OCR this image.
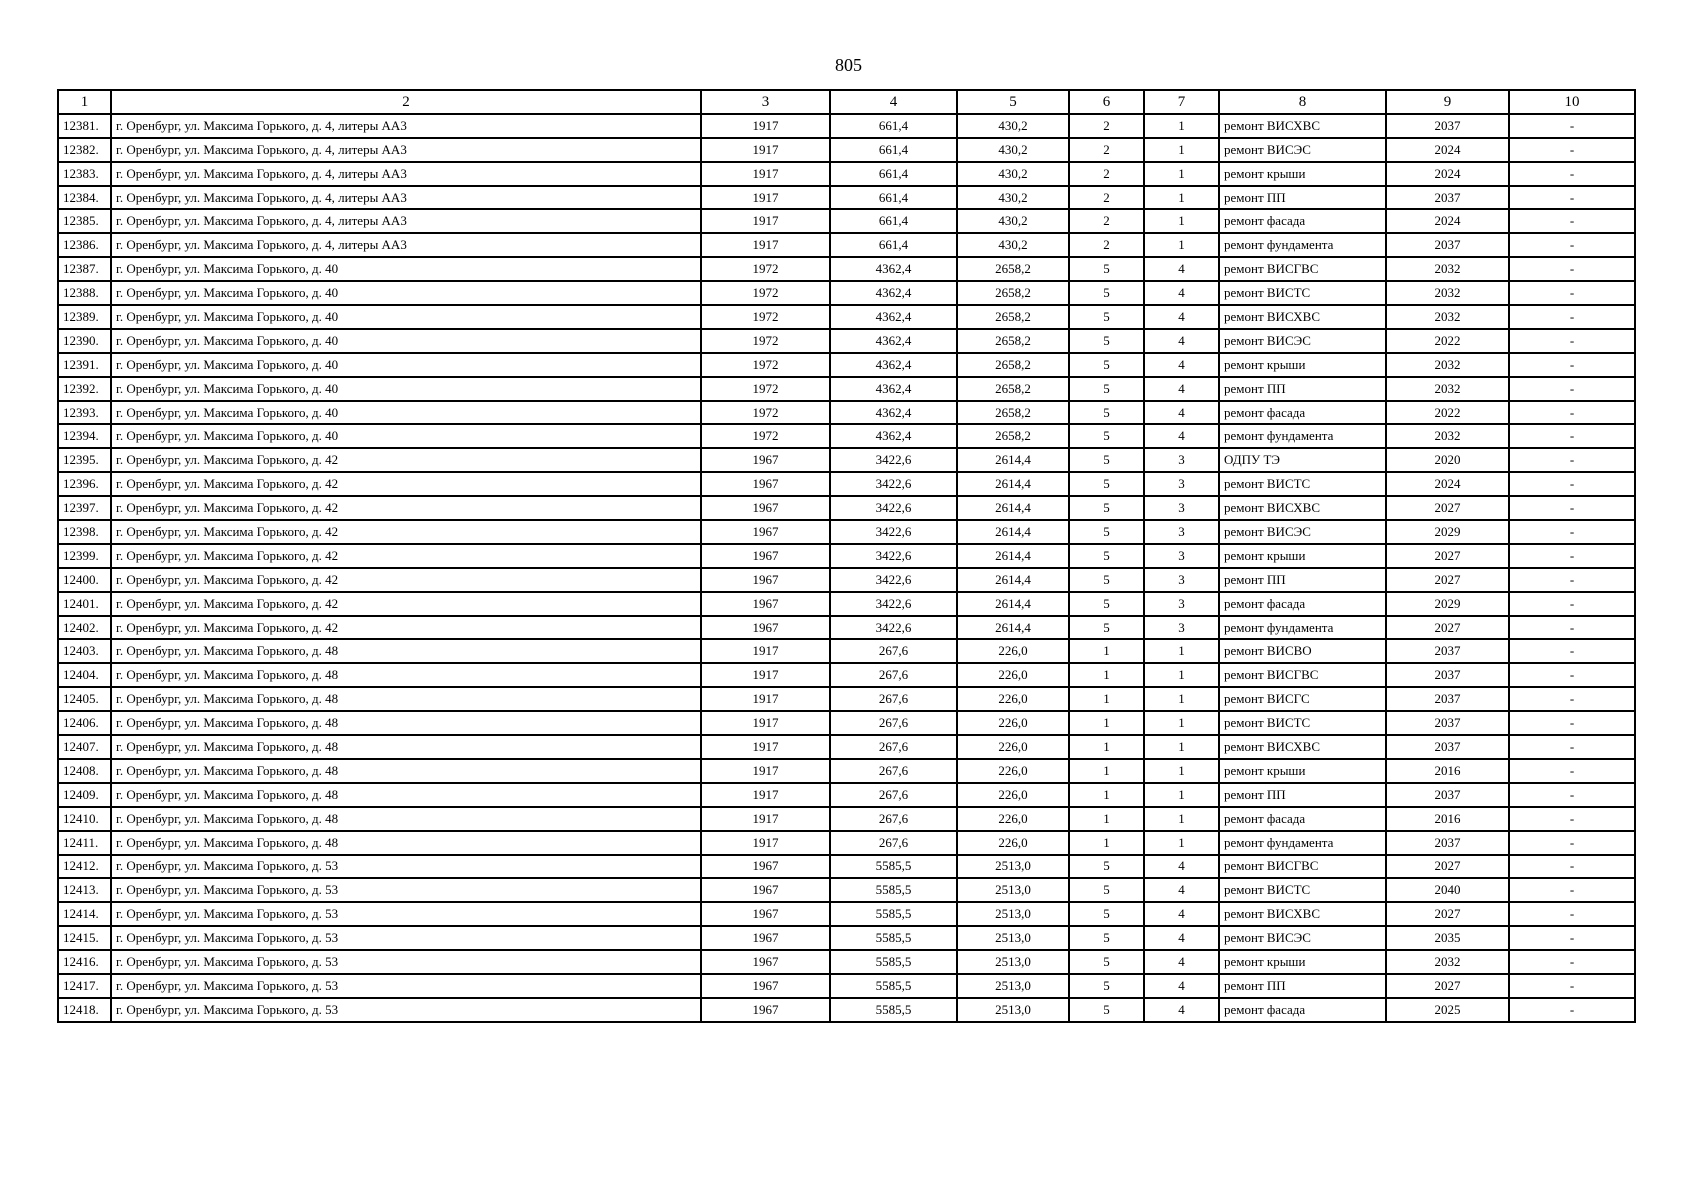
805
1	2	3	4	5	6	7	8	9	10
12381.	г. Оренбург, ул. Максима Горького, д. 4, литеры АА3	1917	661,4	430,2	2	1	ремонт ВИСХВС	2037	-
12382.	г. Оренбург, ул. Максима Горького, д. 4, литеры АА3	1917	661,4	430,2	2	1	ремонт ВИСЭС	2024	-
12383.	г. Оренбург, ул. Максима Горького, д. 4, литеры АА3	1917	661,4	430,2	2	1	ремонт крыши	2024	-
12384.	г. Оренбург, ул. Максима Горького, д. 4, литеры АА3	1917	661,4	430,2	2	1	ремонт ПП	2037	-
12385.	г. Оренбург, ул. Максима Горького, д. 4, литеры АА3	1917	661,4	430,2	2	1	ремонт фасада	2024	-
12386.	г. Оренбург, ул. Максима Горького, д. 4, литеры АА3	1917	661,4	430,2	2	1	ремонт фундамента	2037	-
12387.	г. Оренбург, ул. Максима Горького, д. 40	1972	4362,4	2658,2	5	4	ремонт ВИСГВС	2032	-
12388.	г. Оренбург, ул. Максима Горького, д. 40	1972	4362,4	2658,2	5	4	ремонт ВИСТС	2032	-
12389.	г. Оренбург, ул. Максима Горького, д. 40	1972	4362,4	2658,2	5	4	ремонт ВИСХВС	2032	-
12390.	г. Оренбург, ул. Максима Горького, д. 40	1972	4362,4	2658,2	5	4	ремонт ВИСЭС	2022	-
12391.	г. Оренбург, ул. Максима Горького, д. 40	1972	4362,4	2658,2	5	4	ремонт крыши	2032	-
12392.	г. Оренбург, ул. Максима Горького, д. 40	1972	4362,4	2658,2	5	4	ремонт ПП	2032	-
12393.	г. Оренбург, ул. Максима Горького, д. 40	1972	4362,4	2658,2	5	4	ремонт фасада	2022	-
12394.	г. Оренбург, ул. Максима Горького, д. 40	1972	4362,4	2658,2	5	4	ремонт фундамента	2032	-
12395.	г. Оренбург, ул. Максима Горького, д. 42	1967	3422,6	2614,4	5	3	ОДПУ ТЭ	2020	-
12396.	г. Оренбург, ул. Максима Горького, д. 42	1967	3422,6	2614,4	5	3	ремонт ВИСТС	2024	-
12397.	г. Оренбург, ул. Максима Горького, д. 42	1967	3422,6	2614,4	5	3	ремонт ВИСХВС	2027	-
12398.	г. Оренбург, ул. Максима Горького, д. 42	1967	3422,6	2614,4	5	3	ремонт ВИСЭС	2029	-
12399.	г. Оренбург, ул. Максима Горького, д. 42	1967	3422,6	2614,4	5	3	ремонт крыши	2027	-
12400.	г. Оренбург, ул. Максима Горького, д. 42	1967	3422,6	2614,4	5	3	ремонт ПП	2027	-
12401.	г. Оренбург, ул. Максима Горького, д. 42	1967	3422,6	2614,4	5	3	ремонт фасада	2029	-
12402.	г. Оренбург, ул. Максима Горького, д. 42	1967	3422,6	2614,4	5	3	ремонт фундамента	2027	-
12403.	г. Оренбург, ул. Максима Горького, д. 48	1917	267,6	226,0	1	1	ремонт ВИСВО	2037	-
12404.	г. Оренбург, ул. Максима Горького, д. 48	1917	267,6	226,0	1	1	ремонт ВИСГВС	2037	-
12405.	г. Оренбург, ул. Максима Горького, д. 48	1917	267,6	226,0	1	1	ремонт ВИСГС	2037	-
12406.	г. Оренбург, ул. Максима Горького, д. 48	1917	267,6	226,0	1	1	ремонт ВИСТС	2037	-
12407.	г. Оренбург, ул. Максима Горького, д. 48	1917	267,6	226,0	1	1	ремонт ВИСХВС	2037	-
12408.	г. Оренбург, ул. Максима Горького, д. 48	1917	267,6	226,0	1	1	ремонт крыши	2016	-
12409.	г. Оренбург, ул. Максима Горького, д. 48	1917	267,6	226,0	1	1	ремонт ПП	2037	-
12410.	г. Оренбург, ул. Максима Горького, д. 48	1917	267,6	226,0	1	1	ремонт фасада	2016	-
12411.	г. Оренбург, ул. Максима Горького, д. 48	1917	267,6	226,0	1	1	ремонт фундамента	2037	-
12412.	г. Оренбург, ул. Максима Горького, д. 53	1967	5585,5	2513,0	5	4	ремонт ВИСГВС	2027	-
12413.	г. Оренбург, ул. Максима Горького, д. 53	1967	5585,5	2513,0	5	4	ремонт ВИСТС	2040	-
12414.	г. Оренбург, ул. Максима Горького, д. 53	1967	5585,5	2513,0	5	4	ремонт ВИСХВС	2027	-
12415.	г. Оренбург, ул. Максима Горького, д. 53	1967	5585,5	2513,0	5	4	ремонт ВИСЭС	2035	-
12416.	г. Оренбург, ул. Максима Горького, д. 53	1967	5585,5	2513,0	5	4	ремонт крыши	2032	-
12417.	г. Оренбург, ул. Максима Горького, д. 53	1967	5585,5	2513,0	5	4	ремонт ПП	2027	-
12418.	г. Оренбург, ул. Максима Горького, д. 53	1967	5585,5	2513,0	5	4	ремонт фасада	2025	-
